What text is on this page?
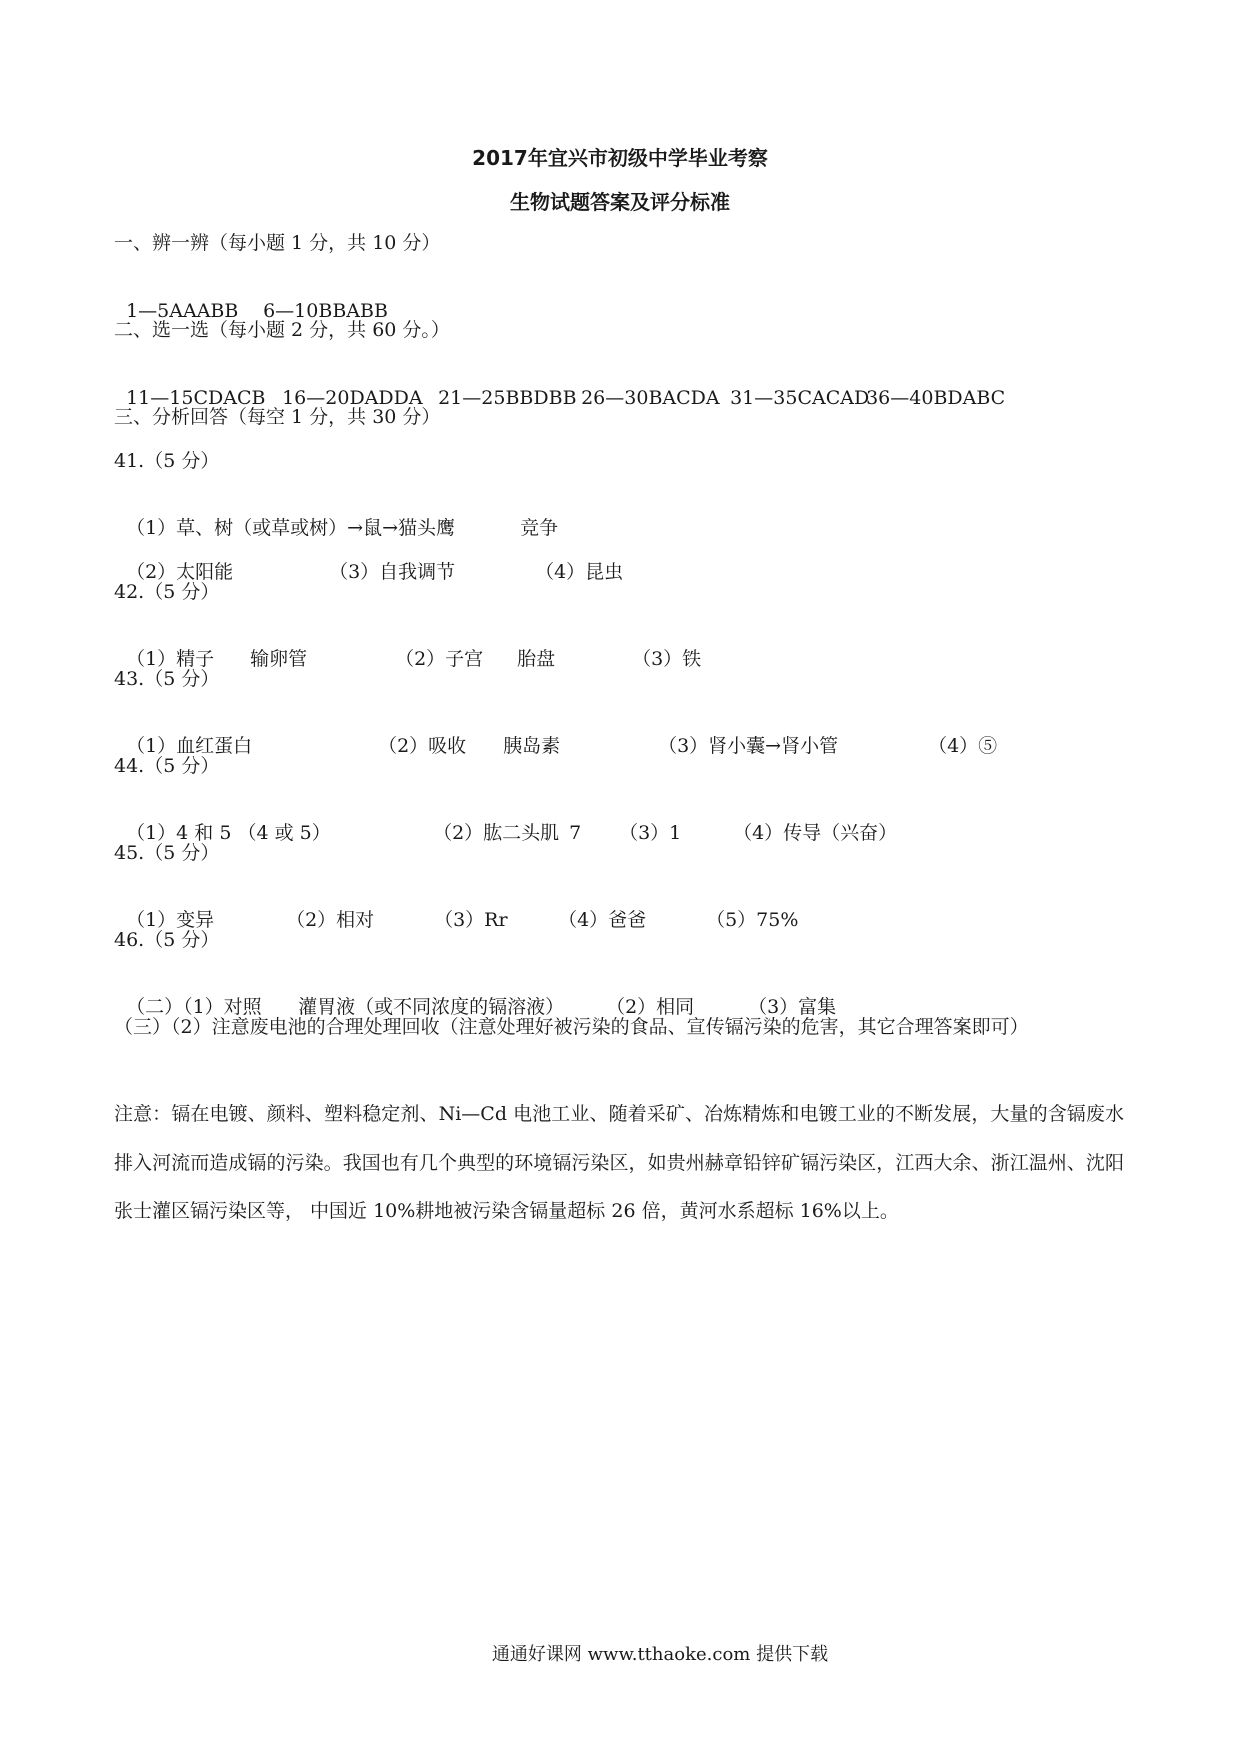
2017年宜兴市初级中学毕业考察
生物试题答案及评分标准
一、辨一辨（每小题 1 分，共 10 分）

1—5AAABB 6—10BBABB

二、选一选（每小题 2 分，共 60 分。）

11—15CDACB 16—20DADDA 21—25BBDBB 26—30BACDA 31—35CACAD36—40BDABC

三、分析回答（每空 1 分，共 30 分）
41.（5 分）

（1）草、树（或草或树）→鼠→猫头鹰	竞争

（2）太阳能	（3）自我调节	（4）昆虫

42.（5 分）

（1）精子 输卵管	（2）子宫 胎盘	（3）铁

43.（5 分）

（1）血红蛋白	（2）吸收 胰岛素	（3）肾小囊→肾小管	（4）⑤

44.（5 分）

（1）4 和 5 （4 或 5）	（2）肱二头肌 7 （3）1	（4）传导（兴奋）

45.（5 分）

（1）变异	（2）相对	（3）Rr	（4）爸爸	（5）75%

46.（5 分）

（二）（1）对照 灌胃液（或不同浓度的镉溶液） （2）相同	（3）富集

（三）（2）注意废电池的合理处理回收（注意处理好被污染的食品、宣传镉污染的危害，其它合理答案即可）
注意：镉在电镀、颜料、塑料稳定剂、Ni—Cd 电池工业、随着采矿、冶炼精炼和电镀工业的不断发展，大量的含镉废水排入河流而造成镉的污染。我国也有几个典型的环境镉污染区，如贵州赫章铅锌矿镉污染区，江西大余、浙江温州、沈阳张士灌区镉污染区等， 中国近 10%耕地被污染含镉量超标 26 倍，黄河水系超标 16%以上。
通通好课网 www.tthaoke.com 提供下载
